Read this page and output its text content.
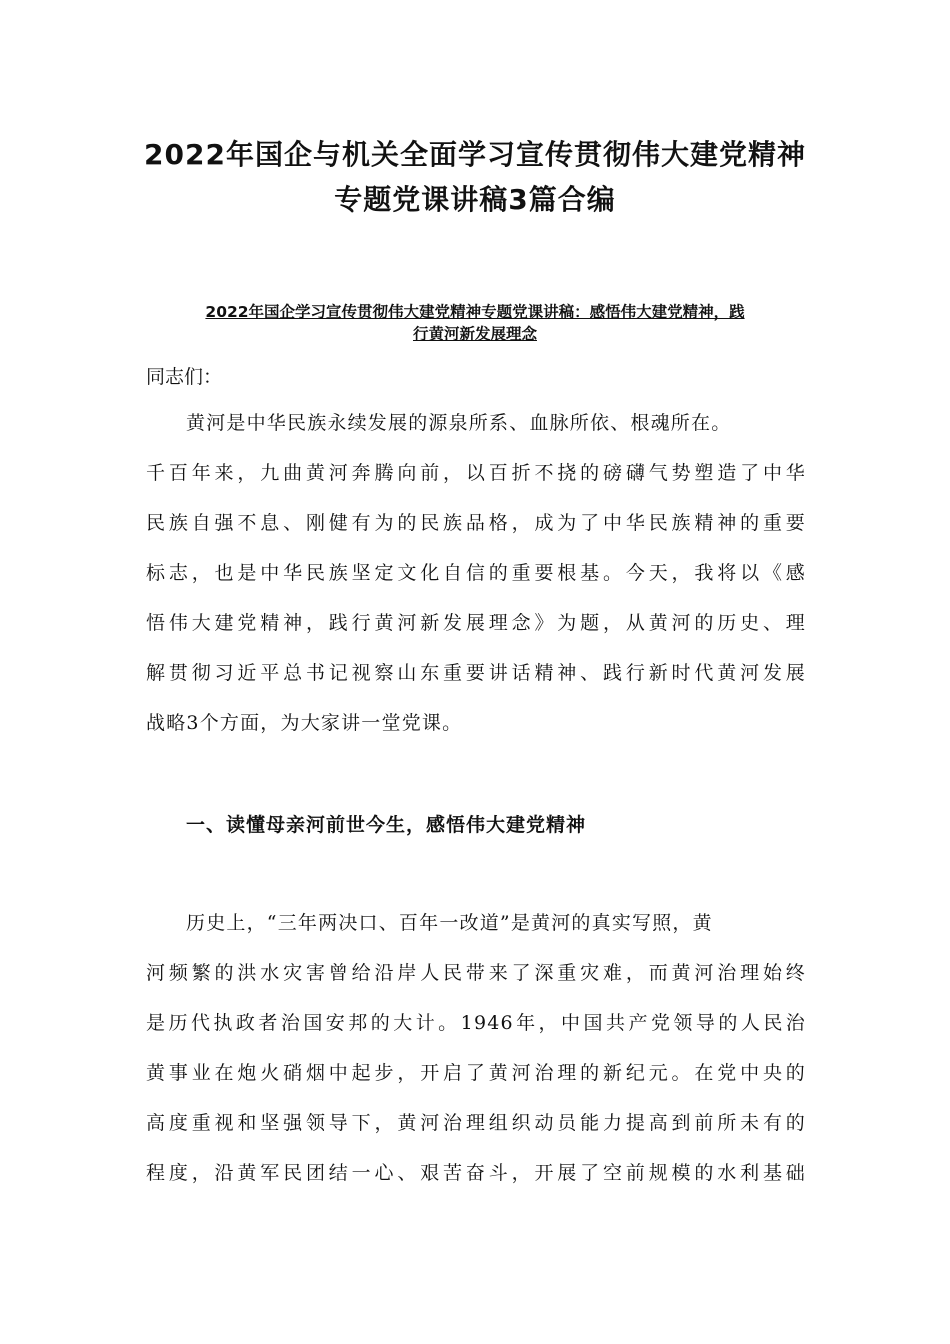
2022年国企与机关全面学习宣传贯彻伟大建党精神
专题党课讲稿3篇合编
2022年国企学习宣传贯彻伟大建党精神专题党课讲稿：感悟伟大建党精神，践
行黄河新发展理念

同志们：

黄河是中华民族永续发展的源泉所系、血脉所依、根魂所在。

千百年来，九曲黄河奔腾向前，以百折不挠的磅礴气势塑造了中华

民族自强不息、刚健有为的民族品格，成为了中华民族精神的重要

标志，也是中华民族坚定文化自信的重要根基。今天，我将以《感

悟伟大建党精神，践行黄河新发展理念》为题，从黄河的历史、理

解贯彻习近平总书记视察山东重要讲话精神、践行新时代黄河发展

战略3个方面，为大家讲一堂党课。

一、读懂母亲河前世今生，感悟伟大建党精神

历史上，“三年两决口、百年一改道”是黄河的真实写照，黄

河频繁的洪水灾害曾给沿岸人民带来了深重灾难，而黄河治理始终

是历代执政者治国安邦的大计。1946年，中国共产党领导的人民治

黄事业在炮火硝烟中起步，开启了黄河治理的新纪元。在党中央的

高度重视和坚强领导下，黄河治理组织动员能力提高到前所未有的

程度，沿黄军民团结一心、艰苦奋斗，开展了空前规模的水利基础
